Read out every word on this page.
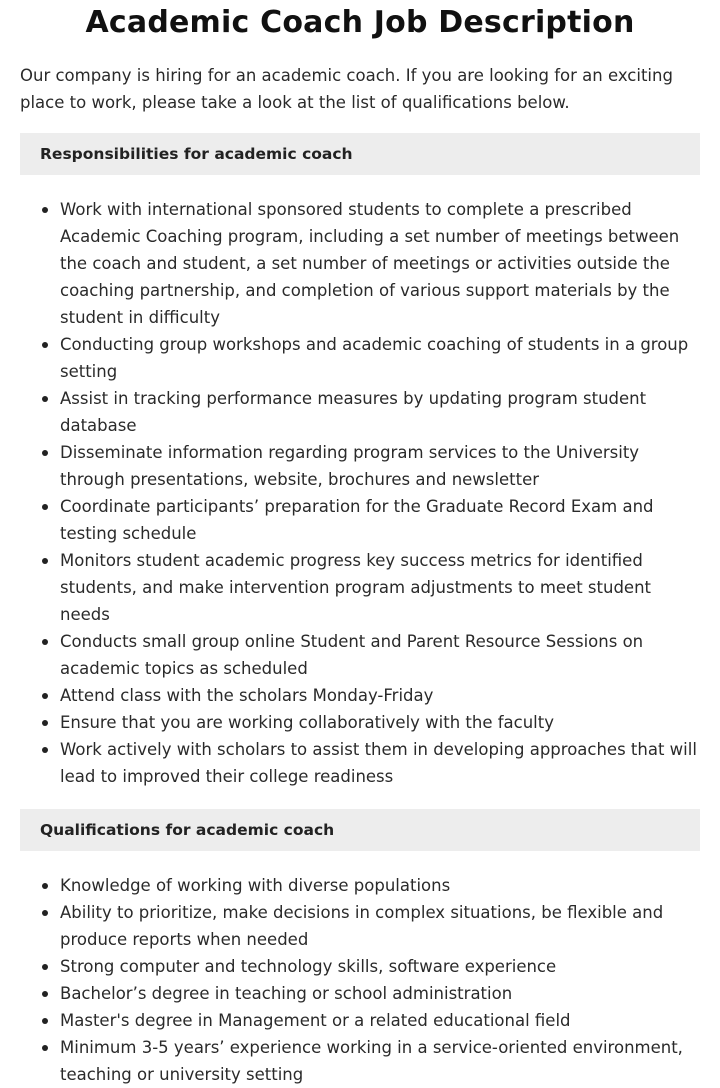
Academic Coach Job Description

Our company is hiring for an academic coach. If you are looking for an exciting place to work, please take a look at the list of qualifications below.

Responsibilities for academic coach
Work with international sponsored students to complete a prescribed Academic Coaching program, including a set number of meetings between the coach and student, a set number of meetings or activities outside the coaching partnership, and completion of various support materials by the student in difficulty
Conducting group workshops and academic coaching of students in a group setting
Assist in tracking performance measures by updating program student database
Disseminate information regarding program services to the University through presentations, website, brochures and newsletter
Coordinate participants’ preparation for the Graduate Record Exam and testing schedule
Monitors student academic progress key success metrics for identified students, and make intervention program adjustments to meet student needs
Conducts small group online Student and Parent Resource Sessions on academic topics as scheduled
Attend class with the scholars Monday-Friday
Ensure that you are working collaboratively with the faculty
Work actively with scholars to assist them in developing approaches that will lead to improved their college readiness
Qualifications for academic coach
Knowledge of working with diverse populations
Ability to prioritize, make decisions in complex situations, be flexible and produce reports when needed
Strong computer and technology skills, software experience
Bachelor’s degree in teaching or school administration
Master's degree in Management or a related educational field
Minimum 3-5 years’ experience working in a service-oriented environment, teaching or university setting
